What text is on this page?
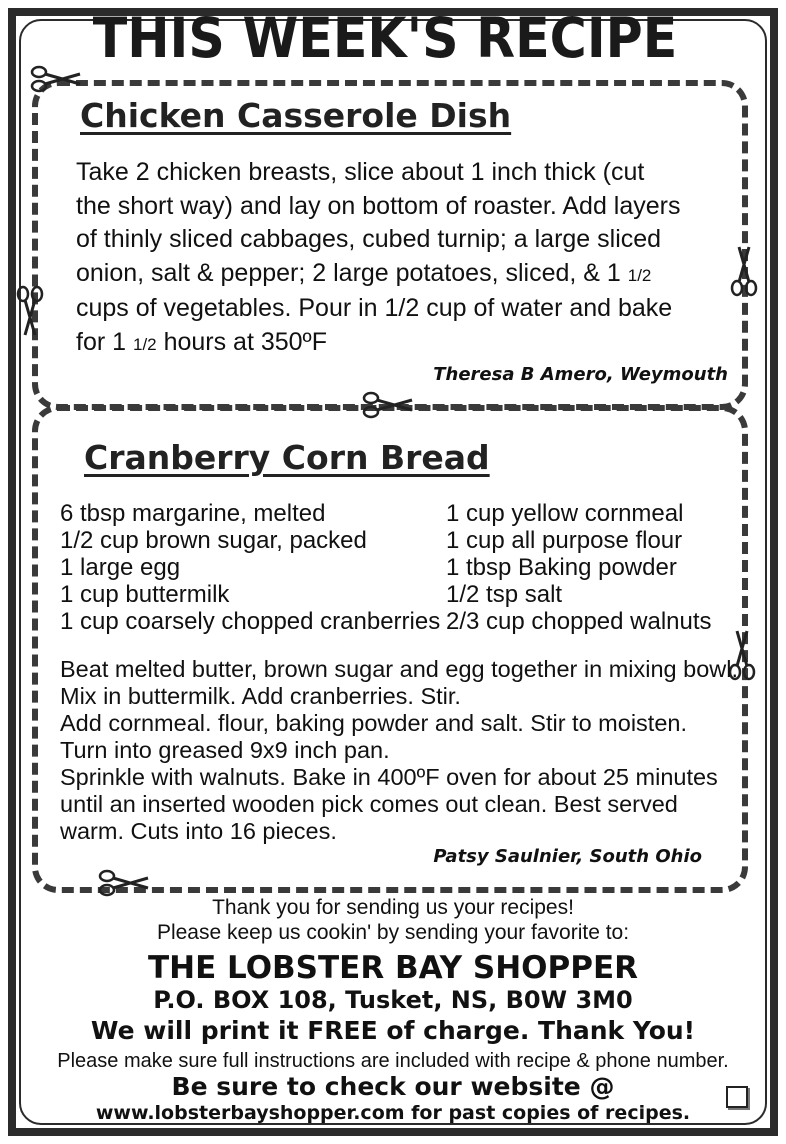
THIS WEEK'S RECIPE
Chicken Casserole Dish
Take 2 chicken breasts, slice about 1 inch thick (cut
the short way) and lay on bottom of roaster. Add layers
of thinly sliced cabbages, cubed turnip; a large sliced
onion, salt & pepper; 2 large potatoes, sliced, & 1 1/2
cups of vegetables. Pour in 1/2 cup of water and bake
for 1 1/2 hours at 350ºF
Theresa B Amero, Weymouth
Cranberry Corn Bread
6 tbsp margarine, melted
1/2 cup brown sugar, packed
1 large egg
1 cup buttermilk
1 cup coarsely chopped cranberries
1 cup yellow cornmeal
1 cup all purpose flour
1 tbsp Baking powder
1/2 tsp salt
2/3 cup chopped walnuts
Beat melted butter, brown sugar and egg together in mixing bowl.
Mix in buttermilk. Add cranberries. Stir.
Add cornmeal. flour, baking powder and salt. Stir to moisten.
Turn into greased 9x9 inch pan.
Sprinkle with walnuts. Bake in 400ºF oven for about 25 minutes
until an inserted wooden pick comes out clean. Best served
warm. Cuts into 16 pieces.
Patsy Saulnier, South Ohio
Thank you for sending us your recipes!
Please keep us cookin' by sending your favorite to:
THE LOBSTER BAY SHOPPER
P.O. BOX 108, Tusket, NS, B0W 3M0
We will print it FREE of charge. Thank You!
Please make sure full instructions are included with recipe & phone number.
Be sure to check our website @
www.lobsterbayshopper.com for past copies of recipes.
